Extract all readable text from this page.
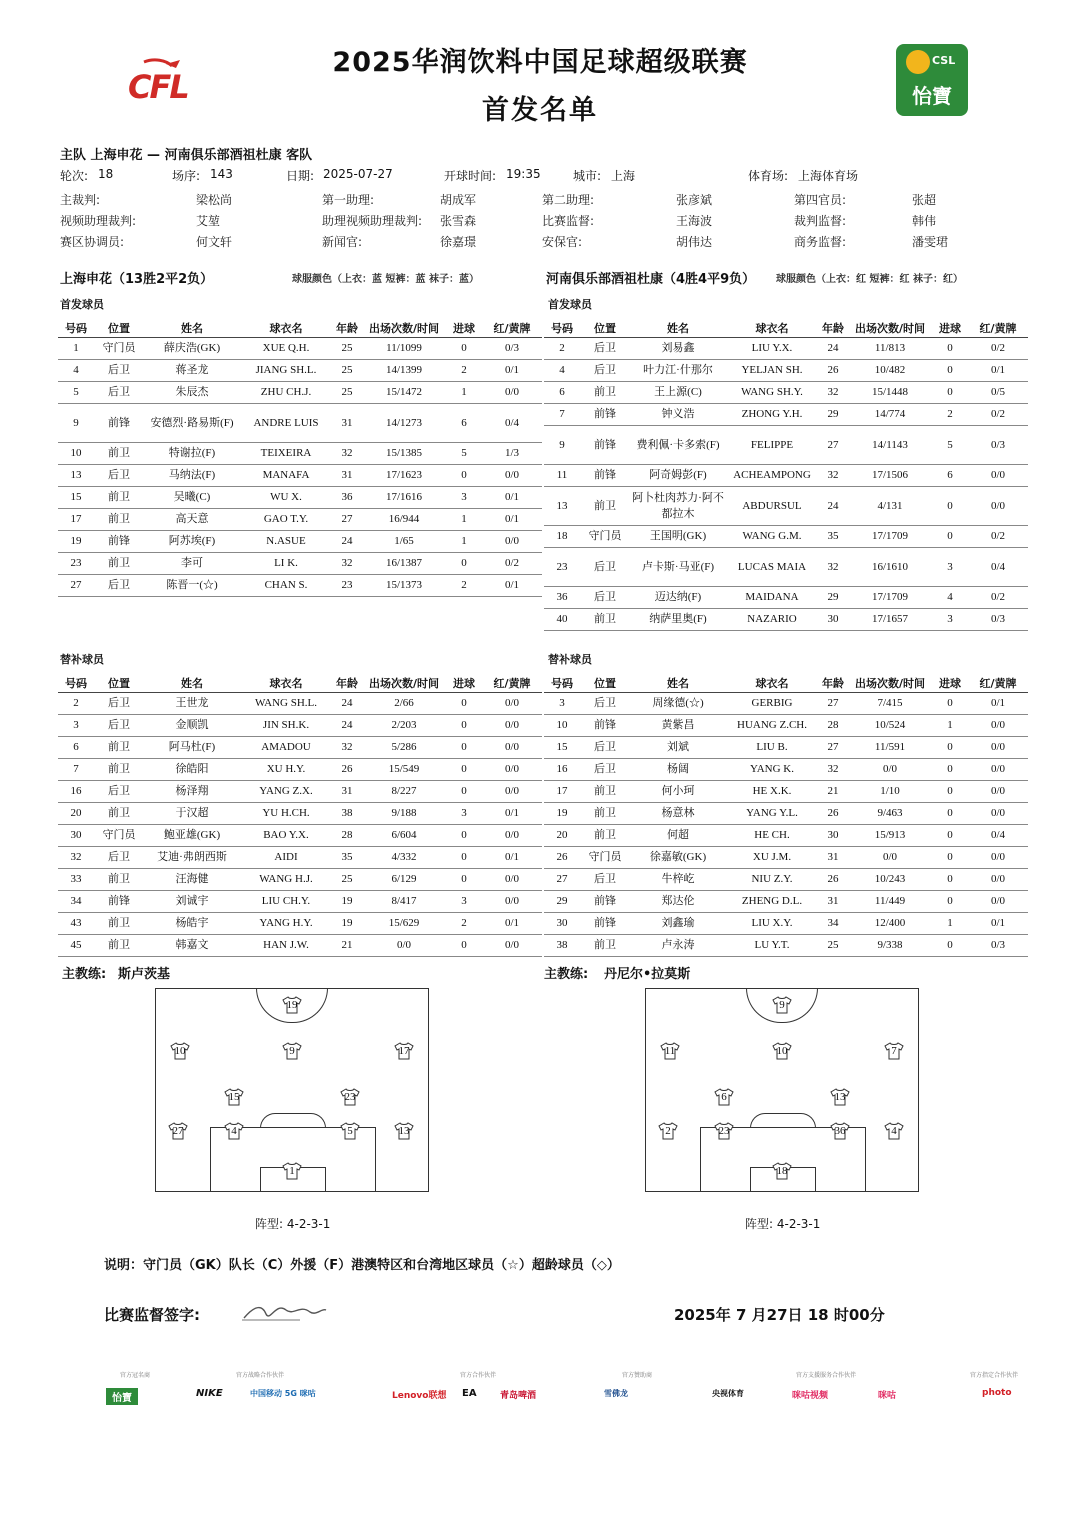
2025华润饮料中国足球超级联赛
首发名单
CFL
CSL
怡寶
主队 上海申花 — 河南俱乐部酒祖杜康 客队
轮次: 18	场序: 143	日期: 2025-07-27	开球时间: 19:35	城市: 上海	体育场: 上海体育场
主裁判:	梁松尚	第一助理:	胡成军	第二助理:	张彦斌	第四官员:	张超
视频助理裁判:	艾堃	助理视频助理裁判: 张雪森	比赛监督:	王海波	裁判监督:	韩伟
赛区协调员:	何文轩	新闻官:	徐嘉璟	安保官:	胡伟达	商务监督:	潘雯珺
上海申花（13胜2平2负）	球服颜色（上衣：蓝 短裤：蓝 袜子：蓝）	河南俱乐部酒祖杜康（4胜4平9负） 球服颜色（上衣：红 短裤：红 袜子：红）
首发球员	首发球员
号码	位置	姓名	球衣名	年龄	出场次数/时间	进球	红/黄牌
1	守门员	薛庆浩(GK)	XUE Q.H.	25	11/1099	0	0/3
4	后卫	蒋圣龙	JIANG SH.L.	25	14/1399	2	0/1
5	后卫	朱辰杰	ZHU CH.J.	25	15/1472	1	0/0
9	前锋	安德烈·路易斯(F)	ANDRE LUIS	31	14/1273	6	0/4
10	前卫	特谢拉(F)	TEIXEIRA	32	15/1385	5	1/3
13	后卫	马纳法(F)	MANAFA	31	17/1623	0	0/0
15	前卫	吴曦(C)	WU X.	36	17/1616	3	0/1
17	前卫	高天意	GAO T.Y.	27	16/944	1	0/1
19	前锋	阿苏埃(F)	N.ASUE	24	1/65	1	0/0
23	前卫	李可	LI K.	32	16/1387	0	0/2
27	后卫	陈晋一(☆)	CHAN S.	23	15/1373	2	0/1
号码	位置	姓名	球衣名	年龄	出场次数/时间	进球	红/黄牌
2	后卫	刘易鑫	LIU Y.X.	24	11/813	0	0/2
4	后卫	叶力江·什那尔	YELJAN SH.	26	10/482	0	0/1
6	前卫	王上源(C)	WANG SH.Y.	32	15/1448	0	0/5
7	前锋	钟义浩	ZHONG Y.H.	29	14/774	2	0/2
9	前锋	费利佩·卡多索(F)	FELIPPE	27	14/1143	5	0/3
11	前锋	阿奇姆彭(F)	ACHEAMPONG	32	17/1506	6	0/0
13	前卫	阿卜杜肉苏力·阿不都拉木	ABDURSUL	24	4/131	0	0/0
18	守门员	王国明(GK)	WANG G.M.	35	17/1709	0	0/2
23	后卫	卢卡斯·马亚(F)	LUCAS MAIA	32	16/1610	3	0/4
36	后卫	迈达纳(F)	MAIDANA	29	17/1709	4	0/2
40	前卫	纳萨里奥(F)	NAZARIO	30	17/1657	3	0/3
替补球员	替补球员
号码	位置	姓名	球衣名	年龄	出场次数/时间	进球	红/黄牌
2	后卫	王世龙	WANG SH.L.	24	2/66	0	0/0
3	后卫	金顺凯	JIN SH.K.	24	2/203	0	0/0
6	前卫	阿马杜(F)	AMADOU	32	5/286	0	0/0
7	前卫	徐皓阳	XU H.Y.	26	15/549	0	0/0
16	后卫	杨泽翔	YANG Z.X.	31	8/227	0	0/0
20	前卫	于汉超	YU H.CH.	38	9/188	3	0/1
30	守门员	鲍亚雄(GK)	BAO Y.X.	28	6/604	0	0/0
32	后卫	艾迪·弗朗西斯	AIDI	35	4/332	0	0/1
33	前卫	汪海健	WANG H.J.	25	6/129	0	0/0
34	前锋	刘诚宇	LIU CH.Y.	19	8/417	3	0/0
43	前卫	杨皓宇	YANG H.Y.	19	15/629	2	0/1
45	前卫	韩嘉文	HAN J.W.	21	0/0	0	0/0
号码	位置	姓名	球衣名	年龄	出场次数/时间	进球	红/黄牌
3	后卫	周缘德(☆)	GERBIG	27	7/415	0	0/1
10	前锋	黄紫昌	HUANG Z.CH.	28	10/524	1	0/0
15	后卫	刘斌	LIU B.	27	11/591	0	0/0
16	后卫	杨阔	YANG K.	32	0/0	0	0/0
17	前卫	何小珂	HE X.K.	21	1/10	0	0/0
19	前卫	杨意林	YANG Y.L.	26	9/463	0	0/0
20	前卫	何超	HE CH.	30	15/913	0	0/4
26	守门员	徐嘉敏(GK)	XU J.M.	31	0/0	0	0/0
27	后卫	牛梓屹	NIU Z.Y.	26	10/243	0	0/0
29	前锋	郑达伦	ZHENG D.L.	31	11/449	0	0/0
30	前锋	刘鑫瑜	LIU X.Y.	34	12/400	1	0/1
38	前卫	卢永涛	LU Y.T.	25	9/338	0	0/3
主教练: 斯卢茨基	主教练: 丹尼尔•拉莫斯
19
10	9	17
15	23
27	4	5	13
1
9
11	10	7
6	13
2	23	36	4
18
阵型: 4-2-3-1	阵型: 4-2-3-1
说明：守门员（GK）队长（C）外援（F）港澳特区和台湾地区球员（☆）超龄球员（◇）
比赛监督签字:	2025年 7 月27日 18 时00分
官方冠名商	官方战略合作伙伴	官方合作伙伴	官方赞助商	官方支援服务合作伙伴	官方指定合作伙伴
怡寶	NIKE	中国移动 5G 咪咕	Lenovo联想 EA	青岛啤酒	雪佛龙	央视体育	咪咕视频	咪咕	photo
